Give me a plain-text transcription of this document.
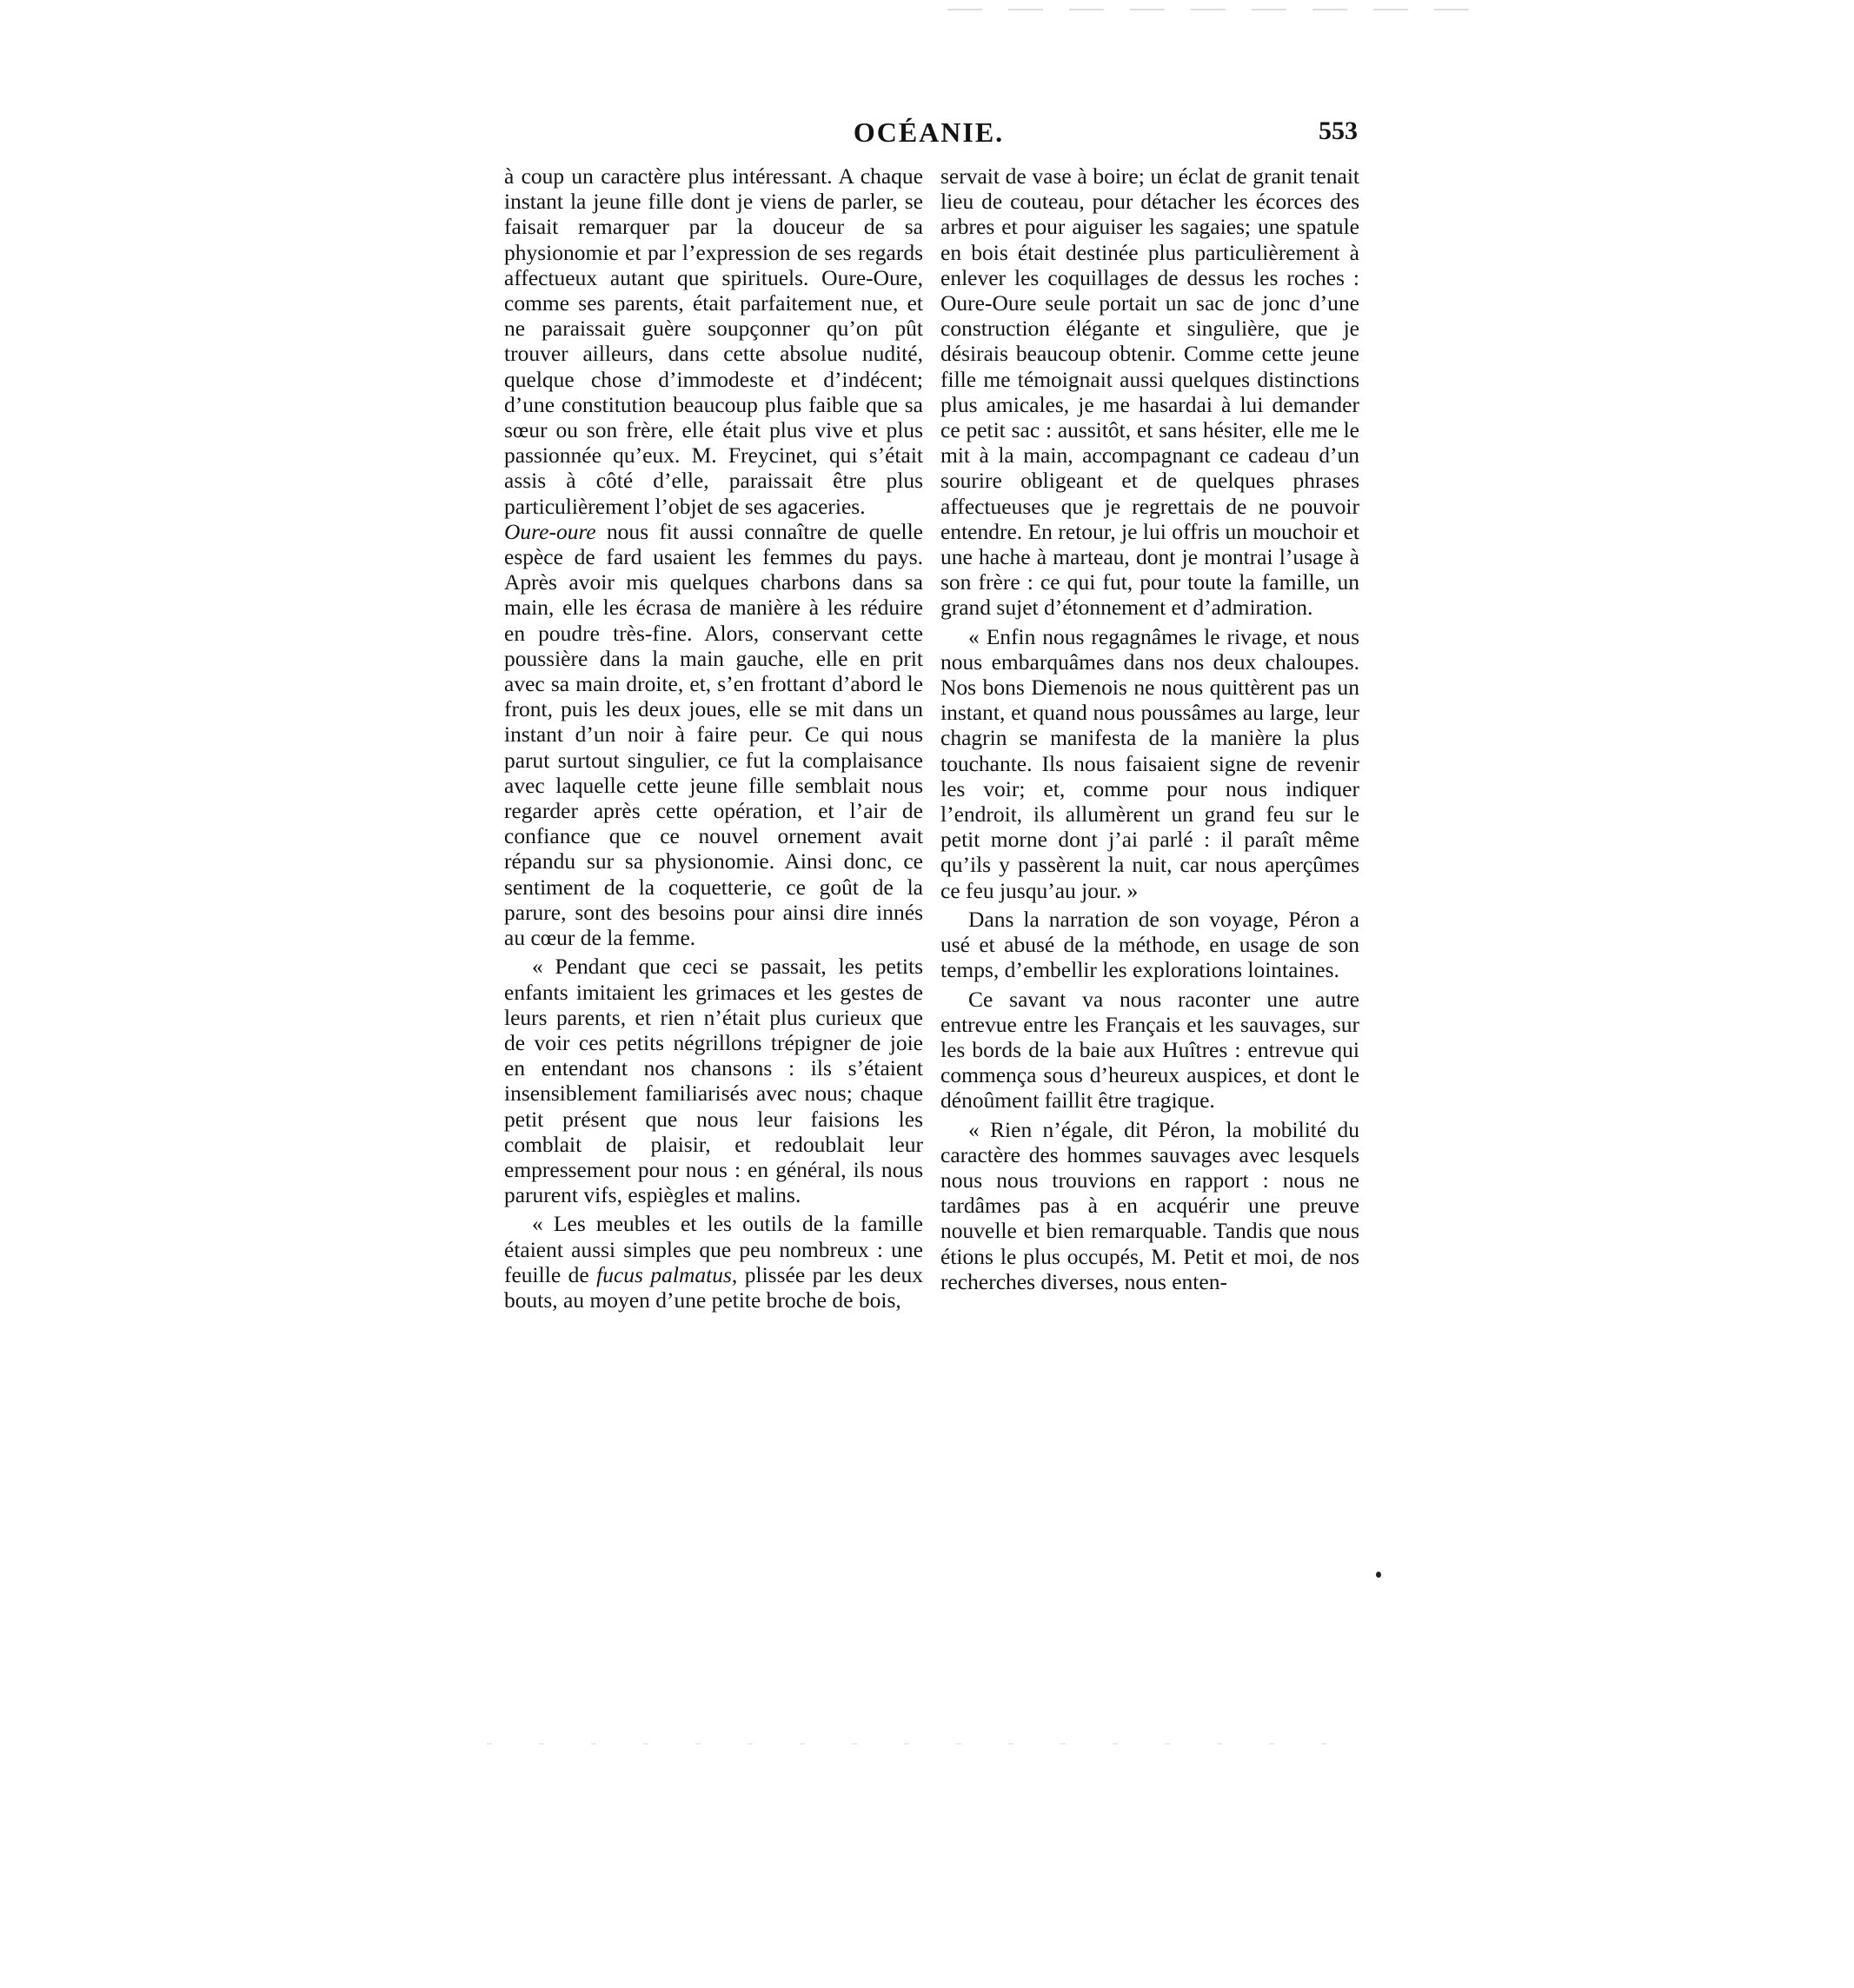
OCÉANIE.	553

à coup un caractère plus intéressant. A chaque instant la jeune fille dont je viens de parler, se faisait remarquer par la douceur de sa physionomie et par l’expression de ses regards affectueux autant que spirituels. Oure-Oure, comme ses parents, était parfaitement nue, et ne paraissait guère soupçonner qu’on pût trouver ailleurs, dans cette absolue nudité, quelque chose d’immodeste et d’indécent; d’une constitution beaucoup plus faible que sa sœur ou son frère, elle était plus vive et plus passionnée qu’eux. M. Freycinet, qui s’était assis à côté d’elle, paraissait être plus particulièrement l’objet de ses agaceries.

Oure-oure nous fit aussi connaître de quelle espèce de fard usaient les femmes du pays. Après avoir mis quelques charbons dans sa main, elle les écrasa de manière à les réduire en poudre très-fine. Alors, conservant cette poussière dans la main gauche, elle en prit avec sa main droite, et, s’en frottant d’abord le front, puis les deux joues, elle se mit dans un instant d’un noir à faire peur. Ce qui nous parut surtout singulier, ce fut la complaisance avec laquelle cette jeune fille semblait nous regarder après cette opération, et l’air de confiance que ce nouvel ornement avait répandu sur sa physionomie. Ainsi donc, ce sentiment de la coquetterie, ce goût de la parure, sont des besoins pour ainsi dire innés au cœur de la femme.

« Pendant que ceci se passait, les petits enfants imitaient les grimaces et les gestes de leurs parents, et rien n’était plus curieux que de voir ces petits négrillons trépigner de joie en entendant nos chansons : ils s’étaient insensiblement familiarisés avec nous; chaque petit présent que nous leur faisions les comblait de plaisir, et redoublait leur empressement pour nous : en général, ils nous parurent vifs, espiègles et malins.

« Les meubles et les outils de la famille étaient aussi simples que peu nombreux : une feuille de fucus palmatus, plissée par les deux bouts, au moyen d’une petite broche de bois,

servait de vase à boire; un éclat de granit tenait lieu de couteau, pour détacher les écorces des arbres et pour aiguiser les sagaies; une spatule en bois était destinée plus particulièrement à enlever les coquillages de dessus les roches : Oure-Oure seule portait un sac de jonc d’une construction élégante et singulière, que je désirais beaucoup obtenir. Comme cette jeune fille me témoignait aussi quelques distinctions plus amicales, je me hasardai à lui demander ce petit sac : aussitôt, et sans hésiter, elle me le mit à la main, accompagnant ce cadeau d’un sourire obligeant et de quelques phrases affectueuses que je regrettais de ne pouvoir entendre. En retour, je lui offris un mouchoir et une hache à marteau, dont je montrai l’usage à son frère : ce qui fut, pour toute la famille, un grand sujet d’étonnement et d’admiration.

« Enfin nous regagnâmes le rivage, et nous nous embarquâmes dans nos deux chaloupes. Nos bons Diemenois ne nous quittèrent pas un instant, et quand nous poussâmes au large, leur chagrin se manifesta de la manière la plus touchante. Ils nous faisaient signe de revenir les voir; et, comme pour nous indiquer l’endroit, ils allumèrent un grand feu sur le petit morne dont j’ai parlé : il paraît même qu’ils y passèrent la nuit, car nous aperçûmes ce feu jusqu’au jour. »

Dans la narration de son voyage, Péron a usé et abusé de la méthode, en usage de son temps, d’embellir les explorations lointaines.

Ce savant va nous raconter une autre entrevue entre les Français et les sauvages, sur les bords de la baie aux Huîtres : entrevue qui commença sous d’heureux auspices, et dont le dénoûment faillit être tragique.

« Rien n’égale, dit Péron, la mobilité du caractère des hommes sauvages avec lesquels nous nous trouvions en rapport : nous ne tardâmes pas à en acquérir une preuve nouvelle et bien remarquable. Tandis que nous étions le plus occupés, M. Petit et moi, de nos recherches diverses, nous enten-
